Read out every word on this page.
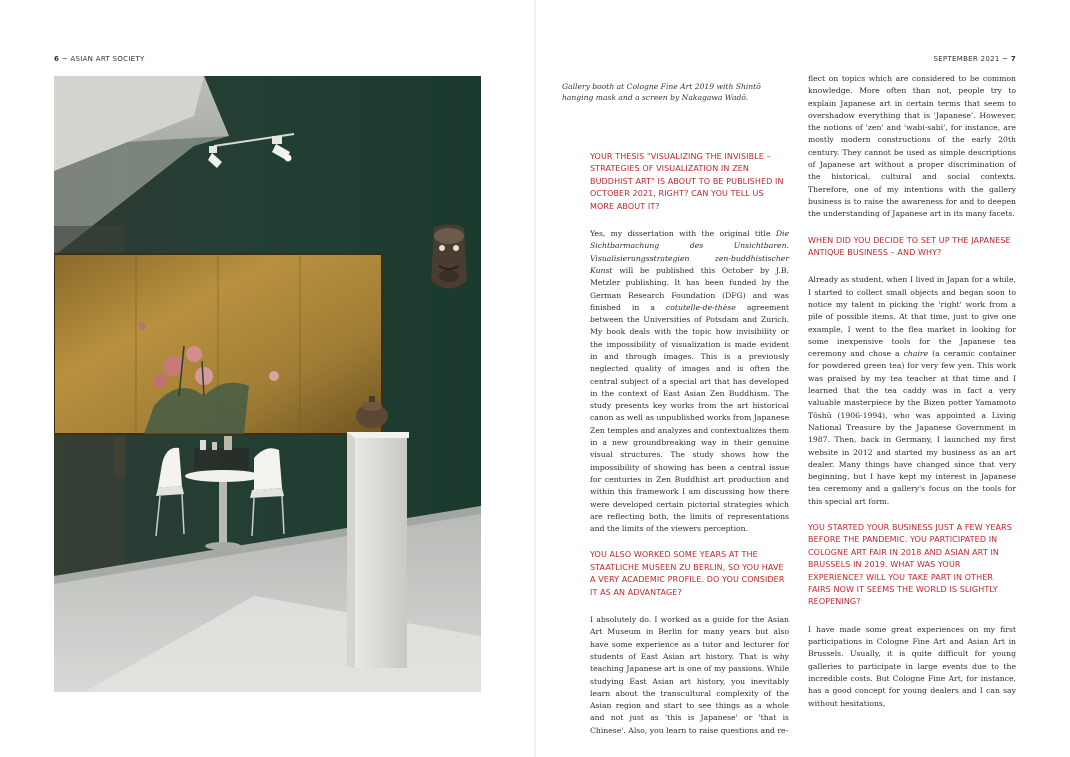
6 ~ ASIAN ART SOCIETY	SEPTEMBER 2021 ~ 7
Gallery booth at Cologne Fine Art 2019 with Shintō hanging mask and a screen by Nakagawa Wadō.
YOUR THESIS "VISUALIZING THE INVISIBLE – STRATEGIES OF VISUALIZATION IN ZEN BUDDHIST ART" IS ABOUT TO BE PUBLISHED IN OCTOBER 2021, RIGHT? CAN YOU TELL US MORE ABOUT IT?
Yes, my dissertation with the original title Die Sichtbarmachung des Unsichtbaren. Visualisierungsstrategien zen-buddhistischer Kunst will be published this October by J.B. Metzler publishing. It has been funded by the German Research Foundation (DFG) and was finished in a cotutelle-de-thèse agreement between the Universities of Potsdam and Zurich. My book deals with the topic how invisibility or the impossibility of visualization is made evident in and through images. This is a previously neglected quality of images and is often the central subject of a special art that has developed in the context of East Asian Zen Buddhism. The study presents key works from the art historical canon as well as unpublished works from Japanese Zen temples and analyzes and contextualizes them in a new groundbreaking way in their genuine visual structures. The study shows how the impossibility of showing has been a central issue for centuries in Zen Buddhist art production and within this framework I am discussing how there were developed certain pictorial strategies which are reflecting both, the limits of representations and the limits of the viewers perception.
YOU ALSO WORKED SOME YEARS AT THE STAATLICHE MUSEEN ZU BERLIN, SO YOU HAVE A VERY ACADEMIC PROFILE. DO YOU CONSIDER IT AS AN ADVANTAGE?
I absolutely do. I worked as a guide for the Asian Art Museum in Berlin for many years but also have some experience as a tutor and lecturer for students of East Asian art history. That is why teaching Japanese art is one of my passions. While studying East Asian art history, you inevitably learn about the transcultural complexity of the Asian region and start to see things as a whole and not just as 'this is Japanese' or 'that is Chinese'. Also, you learn to raise questions and re-
flect on topics which are considered to be common knowledge. More often than not, people try to explain Japanese art in certain terms that seem to overshadow everything that is 'Japanese'. However, the notions of 'zen' and 'wabi-sabi', for instance, are mostly modern constructions of the early 20th century. They cannot be used as simple descriptions of Japanese art without a proper discrimination of the historical, cultural and social contexts. Therefore, one of my intentions with the gallery business is to raise the awareness for and to deepen the understanding of Japanese art in its many facets.
WHEN DID YOU DECIDE TO SET UP THE JAPANESE ANTIQUE BUSINESS – AND WHY?
Already as student, when I lived in Japan for a while, I started to collect small objects and began soon to notice my talent in picking the 'right' work from a pile of possible items. At that time, just to give one example, I went to the flea market in looking for some inexpensive tools for the Japanese tea ceremony and chose a chaire (a ceramic container for powdered green tea) for very few yen. This work was praised by my tea teacher at that time and I learned that the tea caddy was in fact a very valuable masterpiece by the Bizen potter Yamamoto Tōshū (1906-1994), who was appointed a Living National Treasure by the Japanese Government in 1987. Then, back in Germany, I launched my first website in 2012 and started my business as an art dealer. Many things have changed since that very beginning, but I have kept my interest in Japanese tea ceremony and a gallery's focus on the tools for this special art form.
YOU STARTED YOUR BUSINESS JUST A FEW YEARS BEFORE THE PANDEMIC. YOU PARTICIPATED IN COLOGNE ART FAIR IN 2018 AND ASIAN ART IN BRUSSELS IN 2019. WHAT WAS YOUR EXPERIENCE? WILL YOU TAKE PART IN OTHER FAIRS NOW IT SEEMS THE WORLD IS SLIGHTLY REOPENING?
I have made some great experiences on my first participations in Cologne Fine Art and Asian Art in Brussels. Usually, it is quite difficult for young galleries to participate in large events due to the incredible costs. But Cologne Fine Art, for instance, has a good concept for young dealers and I can say without hesitations,
